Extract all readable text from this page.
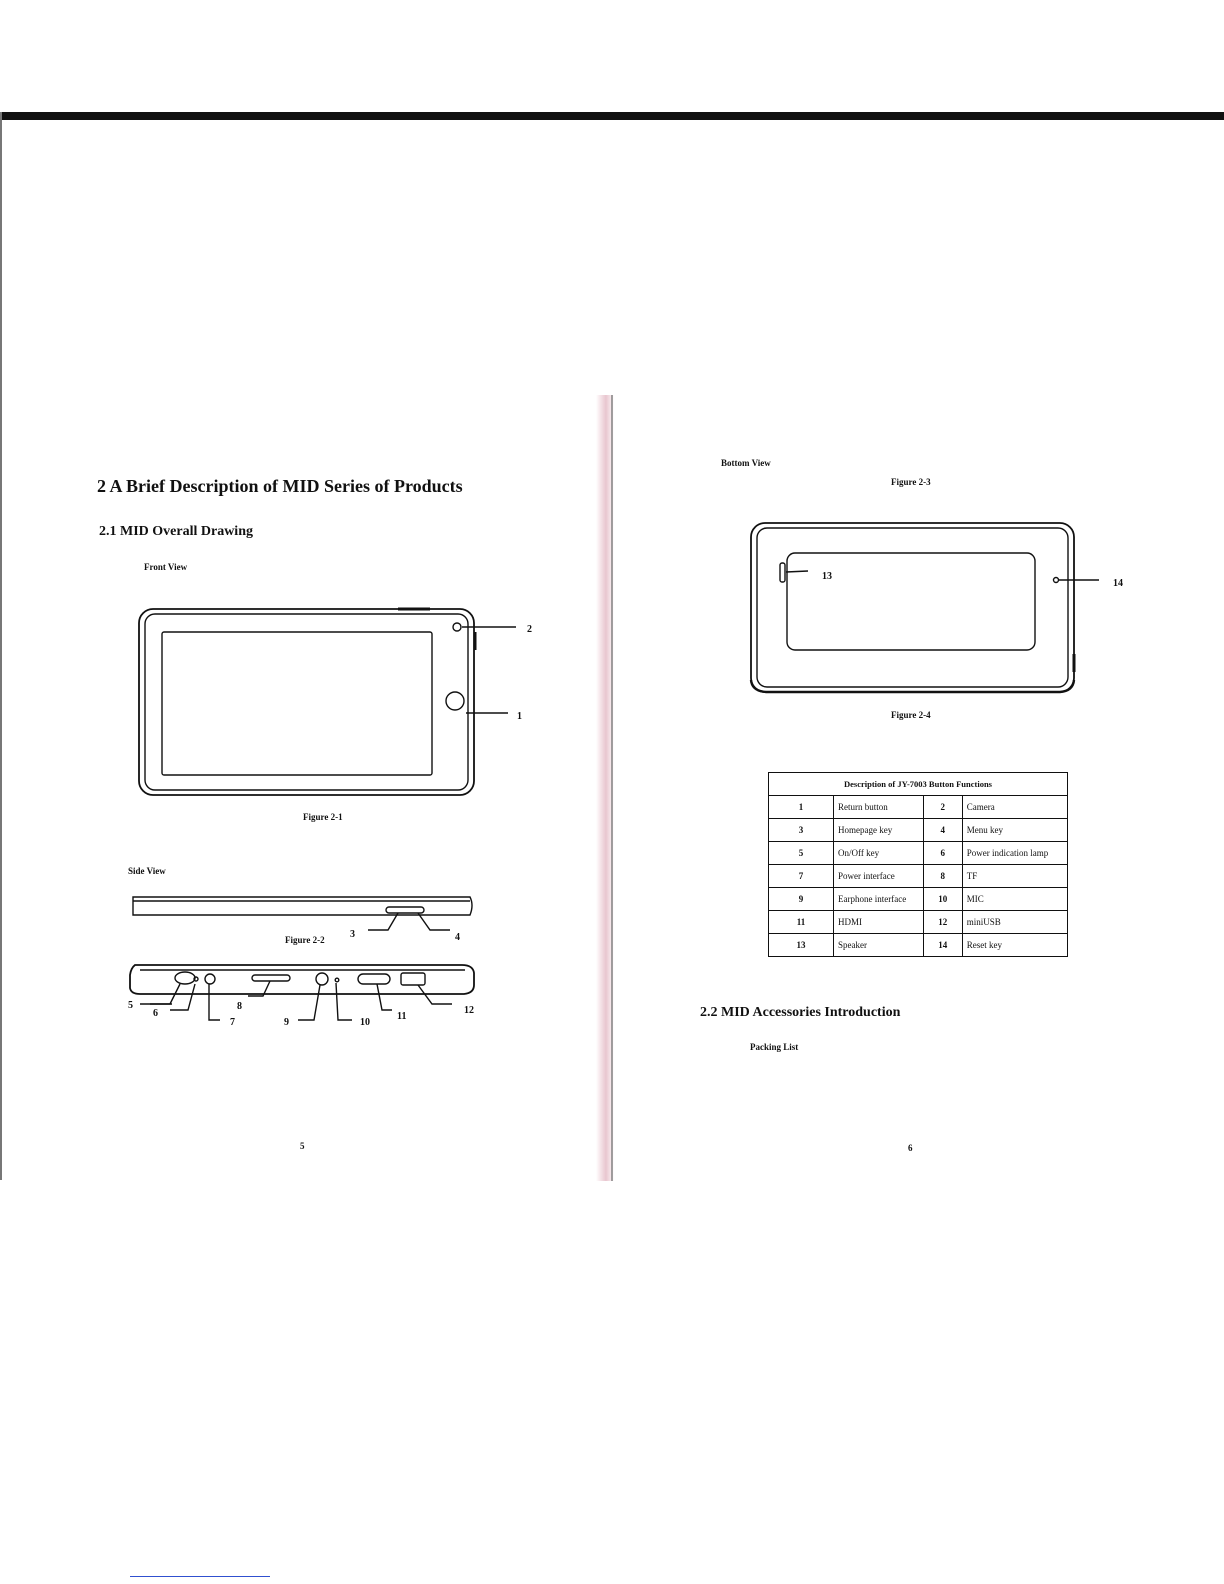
2 A Brief Description of MID Series of Products
2.1 MID Overall Drawing
Front View
Figure 2-1
Side View
Figure 2-2
5
2
1
3	4
5
6
7
8
9	10
11
12
Bottom View
Figure 2-3
Figure 2-4
13
14
2.2 MID Accessories Introduction
Packing List
6
Description of JY-7003 Button Functions			
1	Return button	2	Camera
3	Homepage key	4	Menu key
5	On/Off key	6	Power indication lamp
7	Power interface	8	TF
9	Earphone interface	10	MIC
11	HDMI	12	miniUSB
13	Speaker	14	Reset key
